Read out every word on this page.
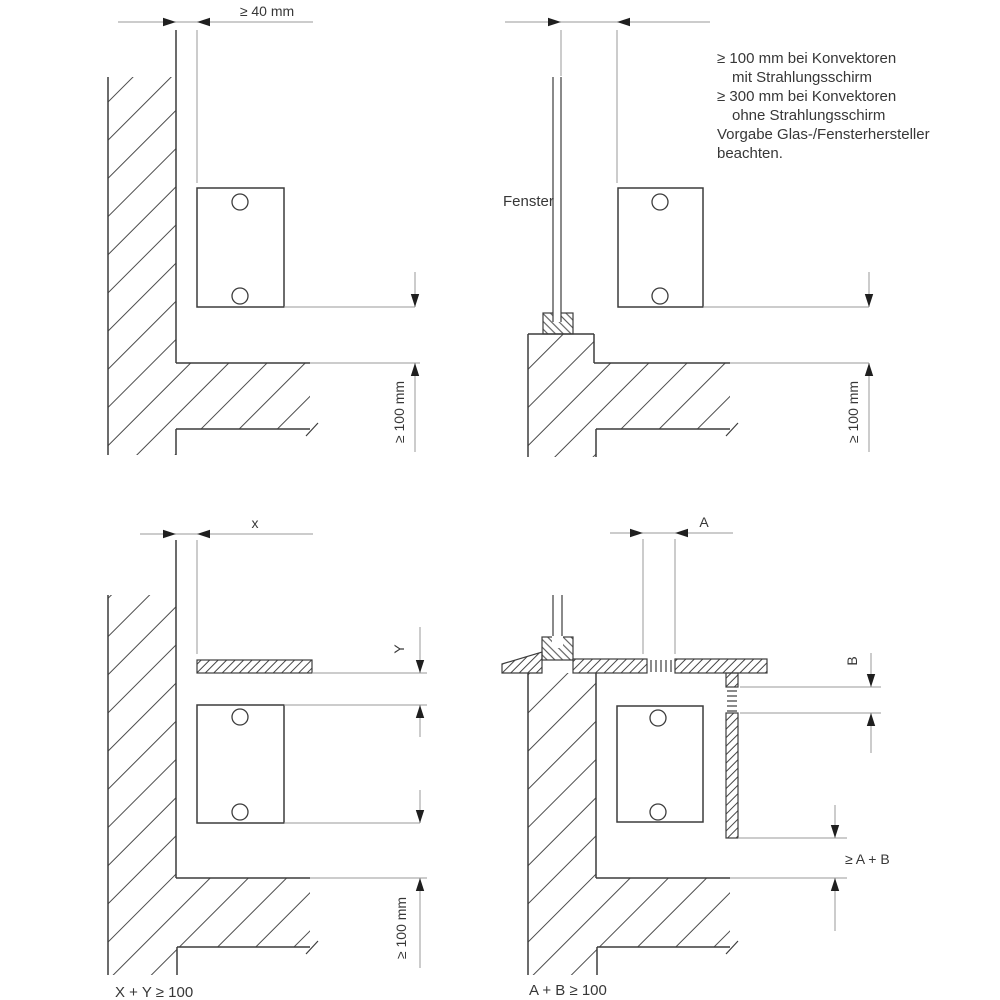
≥ 40 mm
≥ 100 mm
Fenster
≥ 100 mm bei Konvektoren
mit Strahlungsschirm
≥ 300 mm bei Konvektoren
ohne Strahlungsschirm
Vorgabe Glas-/Fensterhersteller
beachten.
≥ 100 mm
x
Y
≥ 100 mm
X + Y ≥ 100
A
B
≥ A + B
A + B ≥ 100
